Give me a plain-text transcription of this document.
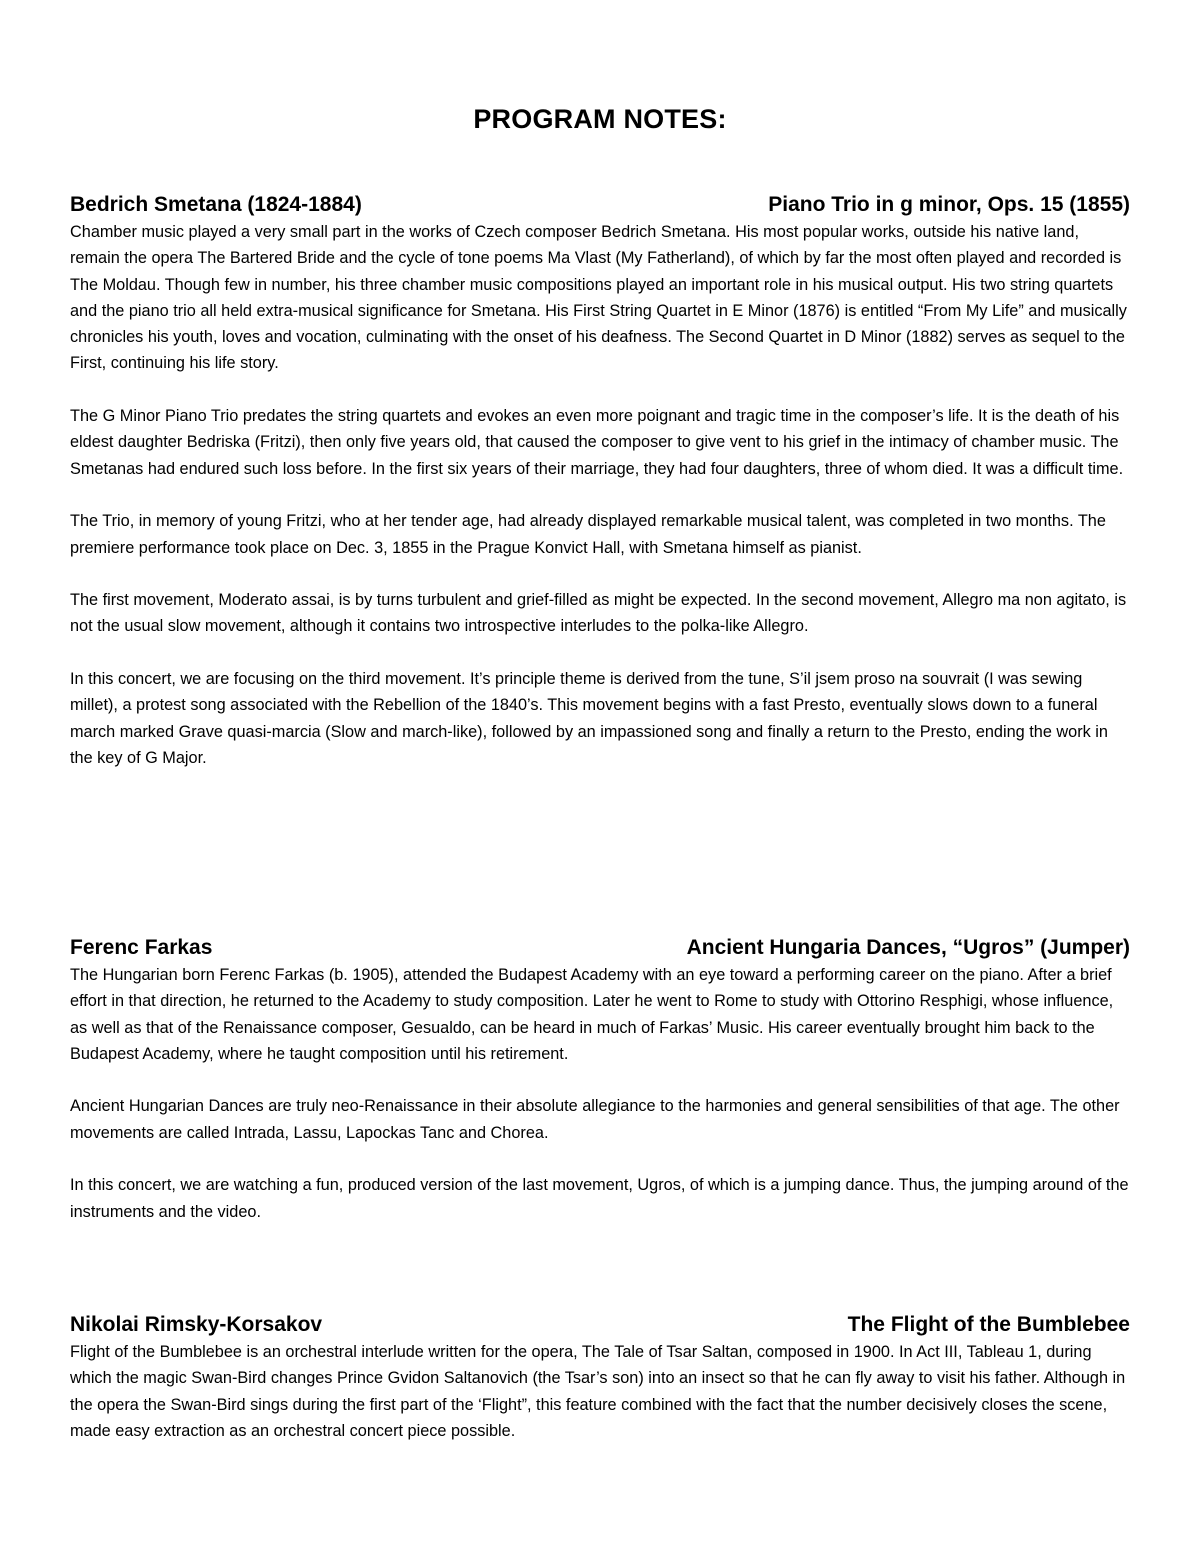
PROGRAM NOTES:
Bedrich Smetana (1824-1884)	Piano Trio in g minor, Ops. 15 (1855)

Chamber music played a very small part in the works of Czech composer Bedrich Smetana. His most popular works, outside his native land, remain the opera The Bartered Bride and the cycle of tone poems Ma Vlast (My Fatherland), of which by far the most often played and recorded is The Moldau. Though few in number, his three chamber music compositions played an important role in his musical output. His two string quartets and the piano trio all held extra-musical significance for Smetana. His First String Quartet in E Minor (1876) is entitled “From My Life” and musically chronicles his youth, loves and vocation, culminating with the onset of his deafness. The Second Quartet in D Minor (1882) serves as sequel to the First, continuing his life story.

The G Minor Piano Trio predates the string quartets and evokes an even more poignant and tragic time in the composer’s life. It is the death of his eldest daughter Bedriska (Fritzi), then only five years old, that caused the composer to give vent to his grief in the intimacy of chamber music. The Smetanas had endured such loss before. In the first six years of their marriage, they had four daughters, three of whom died. It was a difficult time.

The Trio, in memory of young Fritzi, who at her tender age, had already displayed remarkable musical talent, was completed in two months. The premiere performance took place on Dec. 3, 1855 in the Prague Konvict Hall, with Smetana himself as pianist.

The first movement, Moderato assai, is by turns turbulent and grief-filled as might be expected. In the second movement, Allegro ma non agitato, is not the usual slow movement, although it contains two introspective interludes to the polka-like Allegro.

In this concert, we are focusing on the third movement. It’s principle theme is derived from the tune, S’il jsem proso na souvrait (I was sewing millet), a protest song associated with the Rebellion of the 1840’s. This movement begins with a fast Presto, eventually slows down to a funeral march marked Grave quasi-marcia (Slow and march-like), followed by an impassioned song and finally a return to the Presto, ending the work in the key of G Major.

Ferenc Farkas	Ancient Hungaria Dances, “Ugros” (Jumper)

The Hungarian born Ferenc Farkas (b. 1905), attended the Budapest Academy with an eye toward a performing career on the piano. After a brief effort in that direction, he returned to the Academy to study composition. Later he went to Rome to study with Ottorino Resphigi, whose influence, as well as that of the Renaissance composer, Gesualdo, can be heard in much of Farkas’ Music. His career eventually brought him back to the Budapest Academy, where he taught composition until his retirement.

Ancient Hungarian Dances are truly neo-Renaissance in their absolute allegiance to the harmonies and general sensibilities of that age. The other movements are called Intrada, Lassu, Lapockas Tanc and Chorea.

In this concert, we are watching a fun, produced version of the last movement, Ugros, of which is a jumping dance. Thus, the jumping around of the instruments and the video.

Nikolai Rimsky-Korsakov	The Flight of the Bumblebee

Flight of the Bumblebee is an orchestral interlude written for the opera, The Tale of Tsar Saltan, composed in 1900. In Act III, Tableau 1, during which the magic Swan-Bird changes Prince Gvidon Saltanovich (the Tsar’s son) into an insect so that he can fly away to visit his father. Although in the opera the Swan-Bird sings during the first part of the ‘Flight”, this feature combined with the fact that the number decisively closes the scene, made easy extraction as an orchestral concert piece possible.
